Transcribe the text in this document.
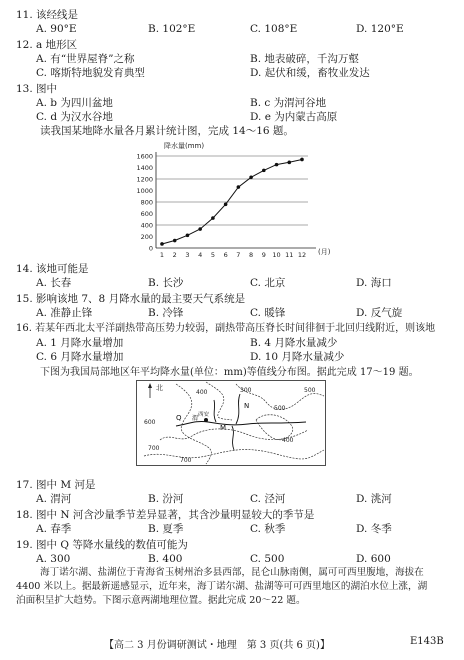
11. 该经线是
A. 90°E	B. 102°E	C. 108°E	D. 120°E
12. a 地形区
A. 有“世界屋脊”之称	B. 地表破碎，千沟万壑
C. 喀斯特地貌发育典型	D. 起伏和缓，畜牧业发达
13. 图中
A. b 为四川盆地	B. c 为渭河谷地
C. d 为汉水谷地	D. e 为内蒙古高原
读我国某地降水量各月累计统计图，完成 14～16 题。
降水量(mm)
(月)
0
200
400
600
800
1000
1200
1400
1600
1 2 3 4 5 6 7 8 9 10 11 12
14. 该地可能是
A. 长春	B. 长沙	C. 北京	D. 海口
15. 影响该地 7、8 月降水量的最主要天气系统是
A. 准静止锋	B. 冷锋	C. 暖锋	D. 反气旋
16. 若某年西北太平洋副热带高压势力较弱，副热带高压脊长时间徘徊于北回归线附近，则该地
A. 1 月降水量增加	B. 4 月降水量减少
C. 6 月降水量增加	D. 10 月降水量减少
下图为我国局部地区年平均降水量(单位：mm)等值线分布图。据此完成 17～19 题。
北
400	300	500
600
700
500
400
700
M
N
Q 渭 西安
17. 图中 M 河是
A. 渭河	B. 汾河	C. 泾河	D. 洮河
18. 图中 N 河含沙量季节差异显著，其含沙量明显较大的季节是
A. 春季	B. 夏季	C. 秋季	D. 冬季
19. 图中 Q 等降水量线的数值可能为
A. 300	B. 400	C. 500	D. 600
海丁诺尔湖、盐湖位于青海省玉树州治多县西部，昆仑山脉南侧，属可可西里腹地，海拔在
4400 米以上。据最新遥感显示，近年来，海丁诺尔湖、盐湖等可可西里地区的湖泊水位上涨，湖
泊面积呈扩大趋势。下图示意两湖地理位置。据此完成 20～22 题。
【高二 3 月份调研测试・地理　第 3 页(共 6 页)】	E143B
